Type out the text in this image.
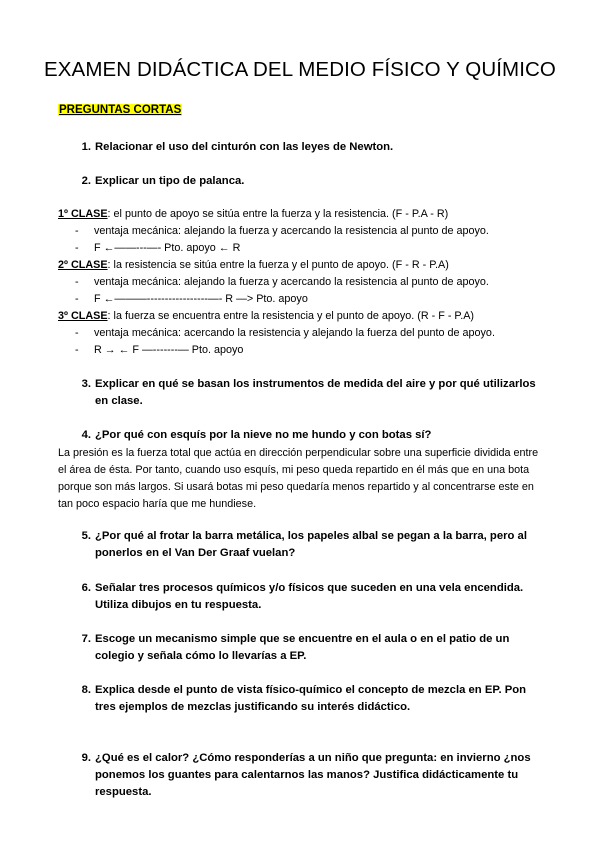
EXAMEN DIDÁCTICA DEL MEDIO FÍSICO Y QUÍMICO
PREGUNTAS CORTAS
1. Relacionar el uso del cinturón con las leyes de Newton.
2. Explicar un tipo de palanca.
1º CLASE: el punto de apoyo se sitúa entre la fuerza y la resistencia. (F - P.A - R)
- ventaja mecánica: alejando la fuerza y acercando la resistencia al punto de apoyo.
- F ←——---—- Pto. apoyo ← R
2º CLASE: la resistencia se sitúa entre la fuerza y el punto de apoyo. (F - R - P.A)
- ventaja mecánica: alejando la fuerza y acercando la resistencia al punto de apoyo.
- F ←———-----------------—- R —> Pto. apoyo
3º CLASE: la fuerza se encuentra entre la resistencia y el punto de apoyo. (R - F - P.A)
- ventaja mecánica: acercando la resistencia y alejando la fuerza del punto de apoyo.
- R → ← F —-------— Pto. apoyo
3. Explicar en qué se basan los instrumentos de medida del aire y por qué utilizarlos en clase.
4. ¿Por qué con esquís por la nieve no me hundo y con botas sí?
La presión es la fuerza total que actúa en dirección perpendicular sobre una superficie dividida entre el área de ésta. Por tanto, cuando uso esquís, mi peso queda repartido en él más que en una bota porque son más largos. Si usará botas mi peso quedaría menos repartido y al concentrarse este en tan poco espacio haría que me hundiese.
5. ¿Por qué al frotar la barra metálica, los papeles albal se pegan a la barra, pero al ponerlos en el Van Der Graaf vuelan?
6. Señalar tres procesos químicos y/o físicos que suceden en una vela encendida. Utiliza dibujos en tu respuesta.
7. Escoge un mecanismo simple que se encuentre en el aula o en el patio de un colegio y señala cómo lo llevarías a EP.
8. Explica desde el punto de vista físico-químico el concepto de mezcla en EP. Pon tres ejemplos de mezclas justificando su interés didáctico.
9. ¿Qué es el calor? ¿Cómo responderías a un niño que pregunta: en invierno ¿nos ponemos los guantes para calentarnos las manos? Justifica didácticamente tu respuesta.
